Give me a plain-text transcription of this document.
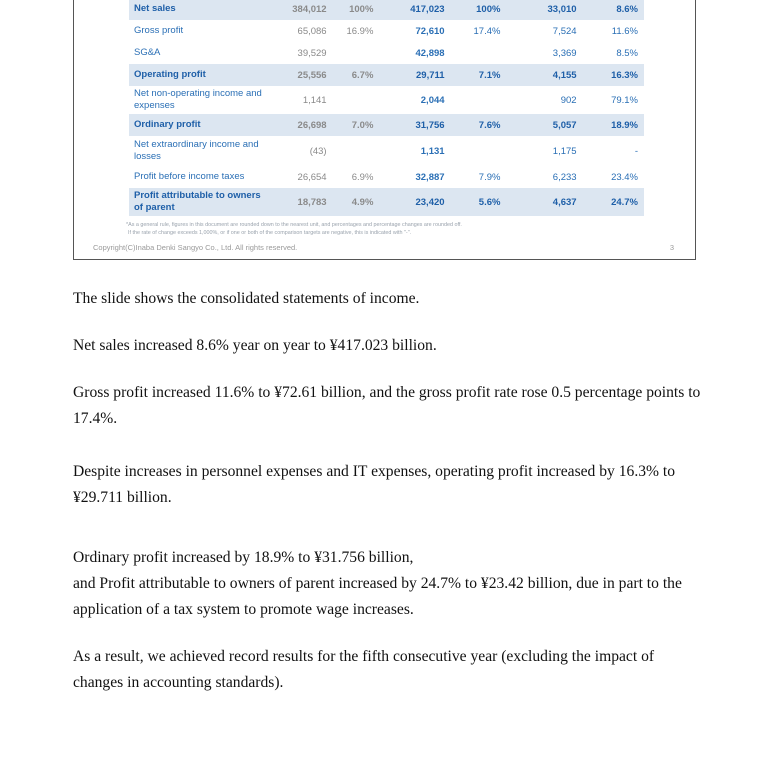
Net sales	384,012	100%	417,023	100%	33,010	8.6%
Gross profit	65,086	16.9%	72,610	17.4%	7,524	11.6%
SG&A	39,529		42,898		3,369	8.5%
Operating profit	25,556	6.7%	29,711	7.1%	4,155	16.3%
Net non-operating income and expenses	1,141		2,044		902	79.1%
Ordinary profit	26,698	7.0%	31,756	7.6%	5,057	18.9%
Net extraordinary income and losses	(43)		1,131		1,175	-
Profit before income taxes	26,654	6.9%	32,887	7.9%	6,233	23.4%
Profit attributable to owners of parent	18,783	4.9%	23,420	5.6%	4,637	24.7%
*As a general rule, figures in this document are rounded down to the nearest unit, and percentages and percentage changes are rounded off.
If the rate of change exceeds 1,000%, or if one or both of the comparison targets are negative, this is indicated with "-".
Copyright(C)Inaba Denki Sangyo Co., Ltd. All rights reserved.	3

The slide shows the consolidated statements of income.

Net sales increased 8.6% year on year to ¥417.023 billion.

Gross profit increased 11.6% to ¥72.61 billion, and the gross profit rate rose 0.5 percentage points to 17.4%.

Despite increases in personnel expenses and IT expenses, operating profit increased by 16.3% to ¥29.711 billion.

Ordinary profit increased by 18.9% to ¥31.756 billion,
and Profit attributable to owners of parent increased by 24.7% to ¥23.42 billion, due in part to the application of a tax system to promote wage increases.

As a result, we achieved record results for the fifth consecutive year (excluding the impact of changes in accounting standards).
